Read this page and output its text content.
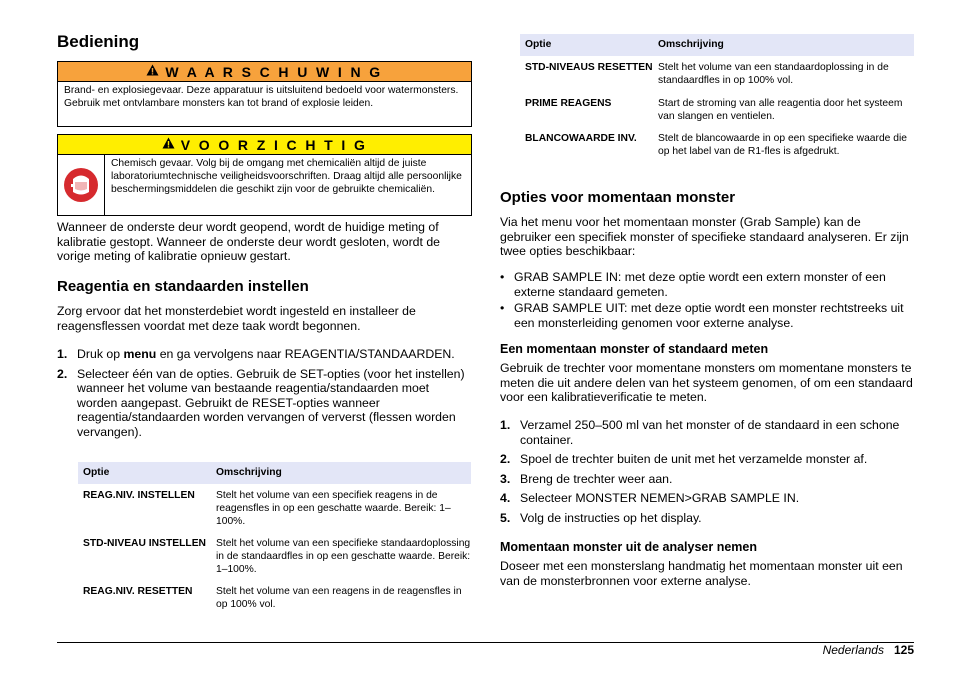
Bediening
W A A R S C H U W I N G
Brand- en explosiegevaar. Deze apparatuur is uitsluitend bedoeld voor watermonsters. Gebruik met ontvlambare monsters kan tot brand of explosie leiden.
V O O R Z I C H T I G
Chemisch gevaar. Volg bij de omgang met chemicaliën altijd de juiste laboratoriumtechnische veiligheidsvoorschriften. Draag altijd alle persoonlijke beschermingsmiddelen die geschikt zijn voor de gebruikte chemicaliën.
Wanneer de onderste deur wordt geopend, wordt de huidige meting of kalibratie gestopt. Wanneer de onderste deur wordt gesloten, wordt de vorige meting of kalibratie opnieuw gestart.
Reagentia en standaarden instellen
Zorg ervoor dat het monsterdebiet wordt ingesteld en installeer de reagensflessen voordat met deze taak wordt begonnen.
1. Druk op menu en ga vervolgens naar REAGENTIA/STANDAARDEN.
2. Selecteer één van de opties. Gebruik de SET-opties (voor het instellen) wanneer het volume van bestaande reagentia/standaarden moet worden aangepast. Gebruikt de RESET-opties wanneer reagentia/standaarden worden vervangen of ververst (flessen worden vervangen).
Optie	Omschrijving
REAG.NIV. INSTELLEN	Stelt het volume van een specifiek reagens in de reagensfles in op een geschatte waarde. Bereik: 1–100%.
STD-NIVEAU INSTELLEN Stelt het volume van een specifieke standaardoplossing in de standaardfles in op een geschatte waarde. Bereik: 1–100%.
REAG.NIV. RESETTEN	Stelt het volume van een reagens in de reagensfles in op 100% vol.
Optie	Omschrijving
STD-NIVEAUS RESETTEN Stelt het volume van een standaardoplossing in de standaardfles in op 100% vol.
PRIME REAGENS	Start de stroming van alle reagentia door het systeem van slangen en ventielen.
BLANCOWAARDE INV.	Stelt de blancowaarde in op een specifieke waarde die op het label van de R1-fles is afgedrukt.
Opties voor momentaan monster
Via het menu voor het momentaan monster (Grab Sample) kan de gebruiker een specifiek monster of specifieke standaard analyseren. Er zijn twee opties beschikbaar:
• GRAB SAMPLE IN: met deze optie wordt een extern monster of een externe standaard gemeten.
• GRAB SAMPLE UIT: met deze optie wordt een monster rechtstreeks uit een monsterleiding genomen voor externe analyse.
Een momentaan monster of standaard meten
Gebruik de trechter voor momentane monsters om momentane monsters te meten die uit andere delen van het systeem genomen, of om een standaard voor een kalibratieverificatie te meten.
1. Verzamel 250–500 ml van het monster of de standaard in een schone container.
2. Spoel de trechter buiten de unit met het verzamelde monster af.
3. Breng de trechter weer aan.
4. Selecteer MONSTER NEMEN>GRAB SAMPLE IN.
5. Volg de instructies op het display.
Momentaan monster uit de analyser nemen
Doseer met een monsterslang handmatig het momentaan monster uit een van de monsterbronnen voor externe analyse.
Nederlands 125
